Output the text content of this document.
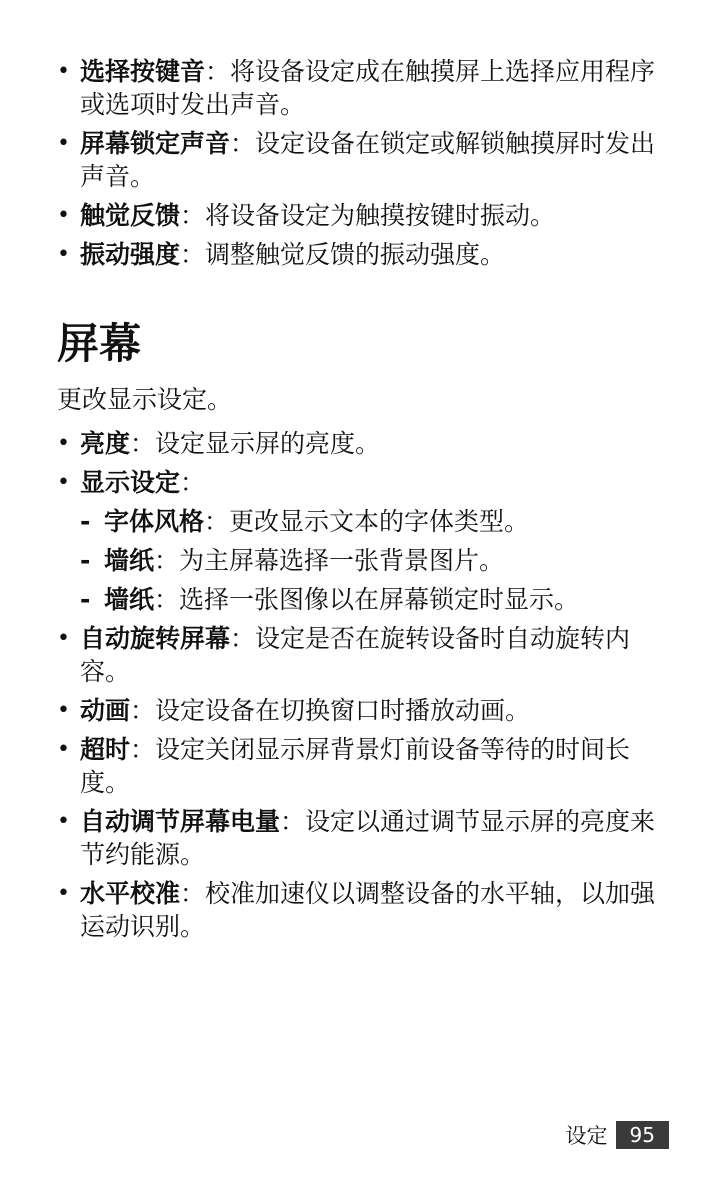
• 选择按键音：将设备设定成在触摸屏上选择应用程序或选项时发出声音。
• 屏幕锁定声音：设定设备在锁定或解锁触摸屏时发出声音。
• 触觉反馈：将设备设定为触摸按键时振动。
• 振动强度：调整触觉反馈的振动强度。
屏幕

更改显示设定。

• 亮度：设定显示屏的亮度。
• 显示设定：
- 字体风格：更改显示文本的字体类型。
- 墙纸：为主屏幕选择一张背景图片。
- 墙纸：选择一张图像以在屏幕锁定时显示。
• 自动旋转屏幕：设定是否在旋转设备时自动旋转内容。
• 动画：设定设备在切换窗口时播放动画。
• 超时：设定关闭显示屏背景灯前设备等待的时间长度。
• 自动调节屏幕电量：设定以通过调节显示屏的亮度来节约能源。
• 水平校准：校准加速仪以调整设备的水平轴，以加强运动识别。
设定	95
